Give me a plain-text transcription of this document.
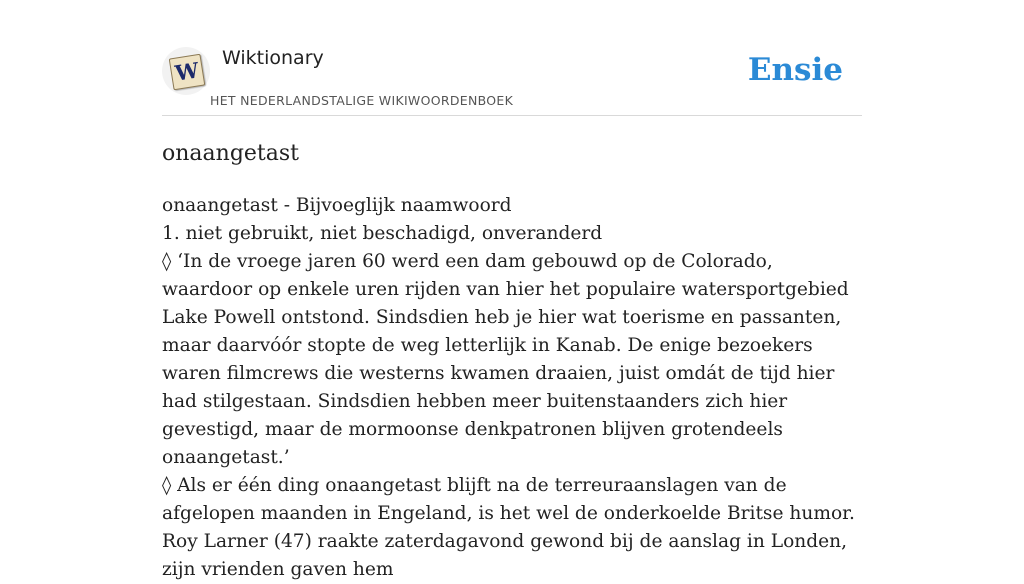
W Wiktionary
HET NEDERLANDSTALIGE WIKIWOORDENBOEK
Ensie
onaangetast

onaangetast - Bijvoeglijk naamwoord

1. niet gebruikt, niet beschadigd, onveranderd

◊ ‘In de vroege jaren 60 werd een dam gebouwd op de Colorado, waardoor op enkele uren rijden van hier het populaire watersportgebied Lake Powell ontstond. Sindsdien heb je hier wat toerisme en passanten, maar daarvóór stopte de weg letterlijk in Kanab. De enige bezoekers waren filmcrews die westerns kwamen draaien, juist omdát de tijd hier had stilgestaan. Sindsdien hebben meer buitenstaanders zich hier gevestigd, maar de mormoonse denkpatronen blijven grotendeels onaangetast.’

◊ Als er één ding onaangetast blijft na de terreuraanslagen van de afgelopen maanden in Engeland, is het wel de onderkoelde Britse humor. Roy Larner (47) raakte zaterdagavond gewond bij de aanslag in Londen, zijn vrienden gaven hem
